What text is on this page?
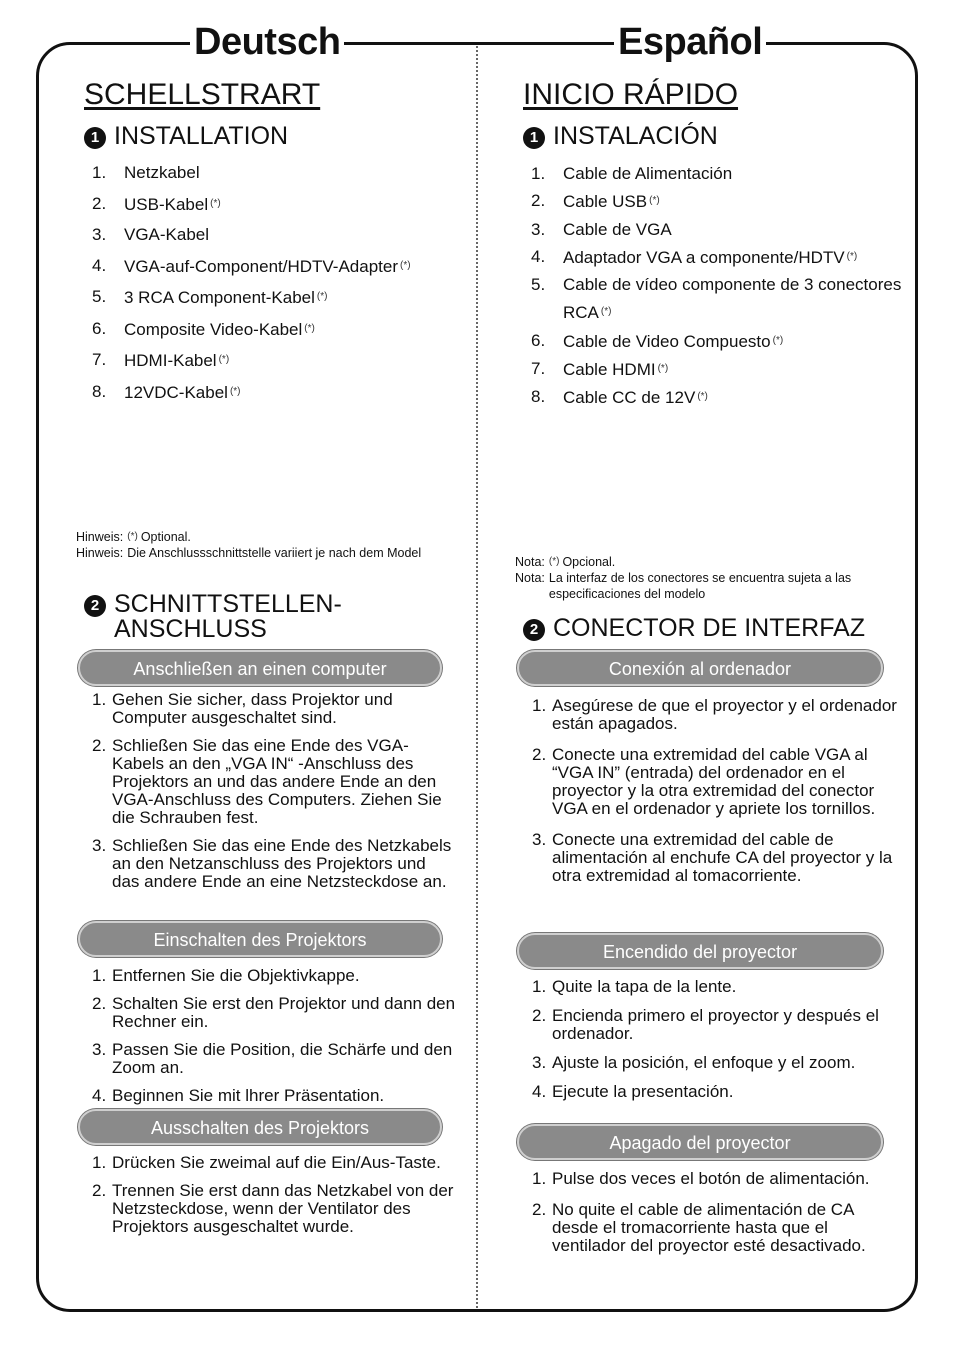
Deutsch
SCHELLSTRART
1 INSTALLATION
1. Netzkabel
2. USB-Kabel (*)
3. VGA-Kabel
4. VGA-auf-Component/HDTV-Adapter (*)
5. 3 RCA Component-Kabel (*)
6. Composite Video-Kabel (*)
7. HDMI-Kabel (*)
8. 12VDC-Kabel (*)
Hinweis: (*) Optional.
Hinweis: Die Anschlussschnittstelle variiert je nach dem Model
2 SCHNITTSTELLEN-
ANSCHLUSS
Anschließen an einen computer
1. Gehen Sie sicher, dass Projektor und Computer ausgeschaltet sind.
2. Schließen Sie das eine Ende des VGA-Kabels an den „VGA IN“ -Anschluss des Projektors an und das andere Ende an den VGA-Anschluss des Computers. Ziehen Sie die Schrauben fest.
3. Schließen Sie das eine Ende des Netzkabels an den Netzanschluss des Projektors und das andere Ende an eine Netzsteckdose an.
Einschalten des Projektors
1. Entfernen Sie die Objektivkappe.
2. Schalten Sie erst den Projektor und dann den Rechner ein.
3. Passen Sie die Position, die Schärfe und den Zoom an.
4. Beginnen Sie mit lhrer Präsentation.
Ausschalten des Projektors
1. Drücken Sie zweimal auf die Ein/Aus-Taste.
2. Trennen Sie erst dann das Netzkabel von der Netzsteckdose, wenn der Ventilator des Projektors ausgeschaltet wurde.
Español
INICIO RÁPIDO
1 INSTALACIÓN
1. Cable de Alimentación
2. Cable USB (*)
3. Cable de VGA
4. Adaptador VGA a componente/HDTV (*)
5. Cable de vídeo componente de 3 conectores RCA (*)
6. Cable de Video Compuesto (*)
7. Cable HDMI (*)
8. Cable CC de 12V (*)
Nota: (*) Opcional.
Nota: La interfaz de los conectores se encuentra sujeta a las especificaciones del modelo
2 CONECTOR DE INTERFAZ
Conexión al ordenador
1. Asegúrese de que el proyector y el ordenador están apagados.
2. Conecte una extremidad del cable VGA al “VGA IN” (entrada) del ordenador en el proyector y la otra extremidad del conector VGA en el ordenador y apriete los tornillos.
3. Conecte una extremidad del cable de alimentación al enchufe CA del proyector y la otra extremidad al tomacorriente.
Encendido del proyector
1. Quite la tapa de la lente.
2. Encienda primero el proyector y después el ordenador.
3. Ajuste la posición, el enfoque y el zoom.
4. Ejecute la presentación.
Apagado del proyector
1. Pulse dos veces el botón de alimentación.
2. No quite el cable de alimentación de CA desde el tromacorriente hasta que el ventilador del proyector esté desactivado.
